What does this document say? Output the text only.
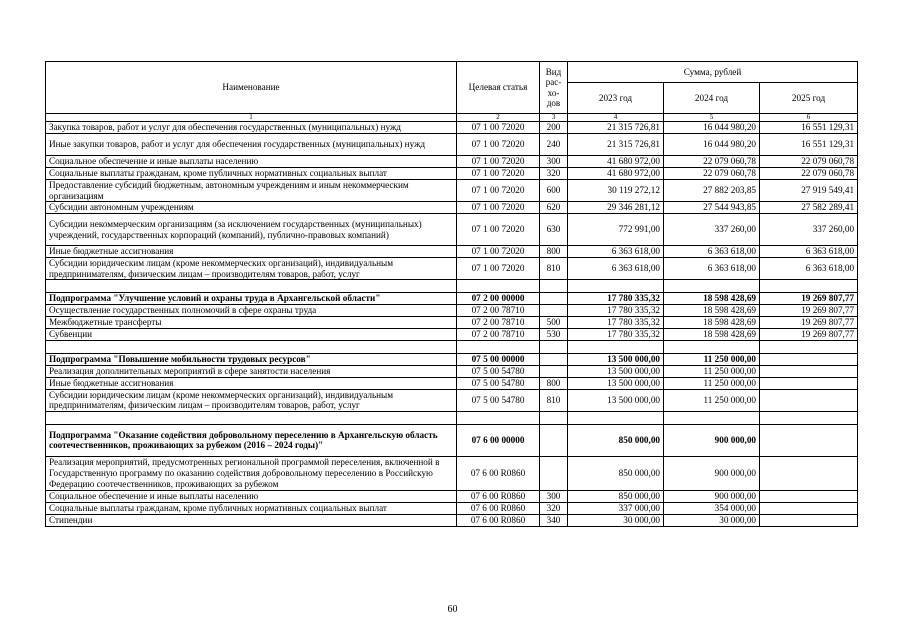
Наименование	Целевая статья	Вид
рас-
хо-
дов	Сумма, рублей		
			2023 год	2024 год	2025 год
1	2	3	4	5	6
Закупка товаров, работ и услуг для обеспечения государственных (муниципальных) нужд	07 1 00 72020	200	21 315 726,81	16 044 980,20	16 551 129,31
Иные закупки товаров, работ и услуг для обеспечения государственных (муниципальных) нужд	07 1 00 72020	240	21 315 726,81	16 044 980,20	16 551 129,31
Социальное обеспечение и иные выплаты населению	07 1 00 72020	300	41 680 972,00	22 079 060,78	22 079 060,78
Социальные выплаты гражданам, кроме публичных нормативных социальных выплат	07 1 00 72020	320	41 680 972,00	22 079 060,78	22 079 060,78
Предоставление субсидий бюджетным, автономным учреждениям и иным некоммерческим организациям	07 1 00 72020	600	30 119 272,12	27 882 203,85	27 919 549,41
Субсидии автономным учреждениям	07 1 00 72020	620	29 346 281,12	27 544 943,85	27 582 289,41
Субсидии некоммерческим организациям (за исключением государственных (муниципальных) учреждений, государственных корпораций (компаний), публично-правовых компаний)	07 1 00 72020	630	772 991,00	337 260,00	337 260,00
Иные бюджетные ассигнования	07 1 00 72020	800	6 363 618,00	6 363 618,00	6 363 618,00
Субсидии юридическим лицам (кроме некоммерческих организаций), индивидуальным предпринимателям, физическим лицам – производителям товаров, работ, услуг	07 1 00 72020	810	6 363 618,00	6 363 618,00	6 363 618,00

Подпрограмма "Улучшение условий и охраны труда в Архангельской области"	07 2 00 00000		17 780 335,32	18 598 428,69	19 269 807,77
Осуществление государственных полномочий в сфере охраны труда	07 2 00 78710		17 780 335,32	18 598 428,69	19 269 807,77
Межбюджетные трансферты	07 2 00 78710	500	17 780 335,32	18 598 428,69	19 269 807,77
Субвенции	07 2 00 78710	530	17 780 335,32	18 598 428,69	19 269 807,77

Подпрограмма "Повышение мобильности трудовых ресурсов"	07 5 00 00000		13 500 000,00	11 250 000,00	
Реализация дополнительных мероприятий в сфере занятости населения	07 5 00 54780		13 500 000,00	11 250 000,00	
Иные бюджетные ассигнования	07 5 00 54780	800	13 500 000,00	11 250 000,00	
Субсидии юридическим лицам (кроме некоммерческих организаций), индивидуальным предпринимателям, физическим лицам – производителям товаров, работ, услуг	07 5 00 54780	810	13 500 000,00	11 250 000,00	

Подпрограмма "Оказание содействия добровольному переселению в Архангельскую область соотечественников, проживающих за рубежом (2016 – 2024 годы)"	07 6 00 00000		850 000,00	900 000,00	
Реализация мероприятий, предусмотренных региональной программой переселения, включенной в Государственную программу по оказанию содействия добровольному переселению в Российскую Федерацию соотечественников, проживающих за рубежом	07 6 00 R0860		850 000,00	900 000,00	
Социальное обеспечение и иные выплаты населению	07 6 00 R0860	300	850 000,00	900 000,00	
Социальные выплаты гражданам, кроме публичных нормативных социальных выплат	07 6 00 R0860	320	337 000,00	354 000,00	
Стипендии	07 6 00 R0860	340	30 000,00	30 000,00	
60
